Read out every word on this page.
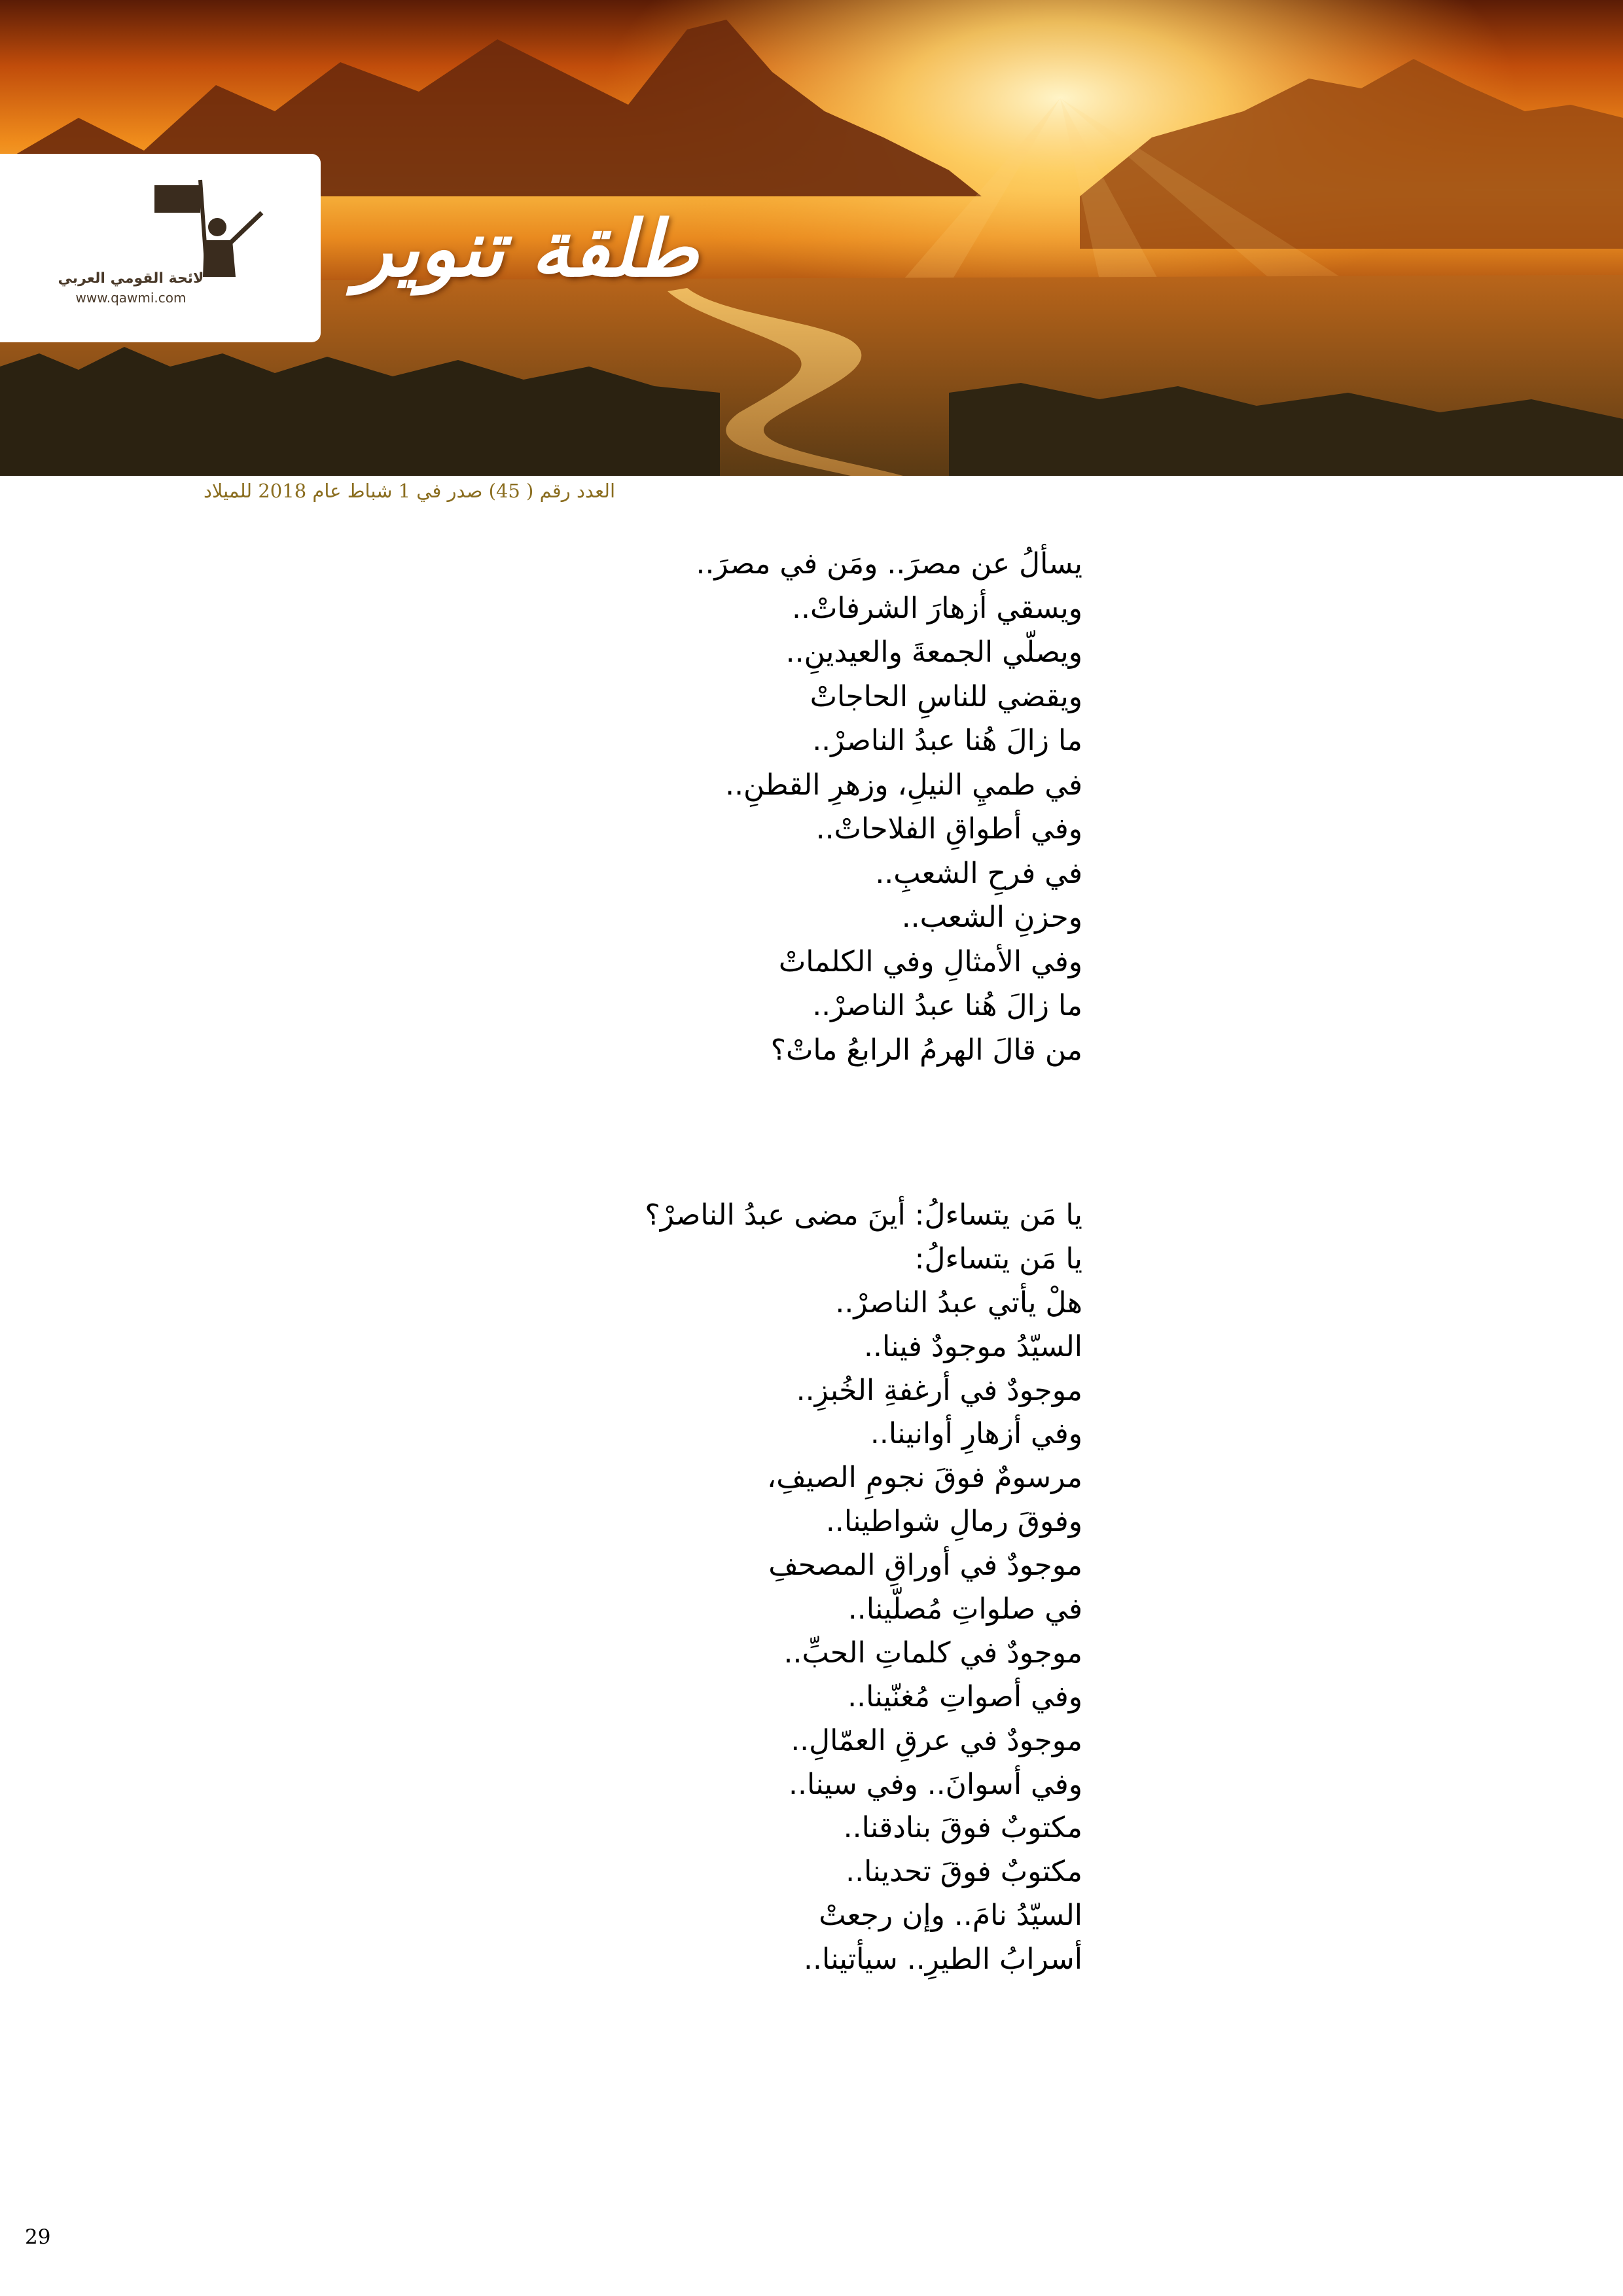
لائحة القومي العربي
www.qawmi.com
طلقة تنوير
العدد رقم ( 45) صدر في 1 شباط عام 2018 للميلاد
يسألُ عن مصرَ.. ومَن في مصرَ..
ويسقي أزهارَ الشرفاتْ..
ويصلّي الجمعةَ والعيدينِ..
ويقضي للناسِ الحاجاتْ
ما زالَ هُنا عبدُ الناصرْ..
في طميِ النيلِ، وزهرِ القطنِ..
وفي أطواقِ الفلاحاتْ..
في فرحِ الشعبِ..
وحزنِ الشعب..
وفي الأمثالِ وفي الكلماتْ
ما زالَ هُنا عبدُ الناصرْ..
من قالَ الهرمُ الرابعُ ماتْ؟
يا مَن يتساءلُ: أينَ مضى عبدُ الناصرْ؟
يا مَن يتساءلُ:
هلْ يأتي عبدُ الناصرْ..
السيّدُ موجودٌ فينا..
موجودٌ في أرغفةِ الخُبزِ..
وفي أزهارِ أوانينا..
مرسومٌ فوقَ نجومِ الصيفِ،
وفوقَ رمالِ شواطينا..
موجودٌ في أوراقِ المصحفِ
في صلواتِ مُصلّينا..
موجودٌ في كلماتِ الحبِّ..
وفي أصواتِ مُغنّينا..
موجودٌ في عرقِ العمّالِ..
وفي أسوانَ.. وفي سينا..
مكتوبٌ فوقَ بنادقنا..
مكتوبٌ فوقَ تحدينا..
السيّدُ نامَ.. وإن رجعتْ
أسرابُ الطيرِ.. سيأتينا..
29
